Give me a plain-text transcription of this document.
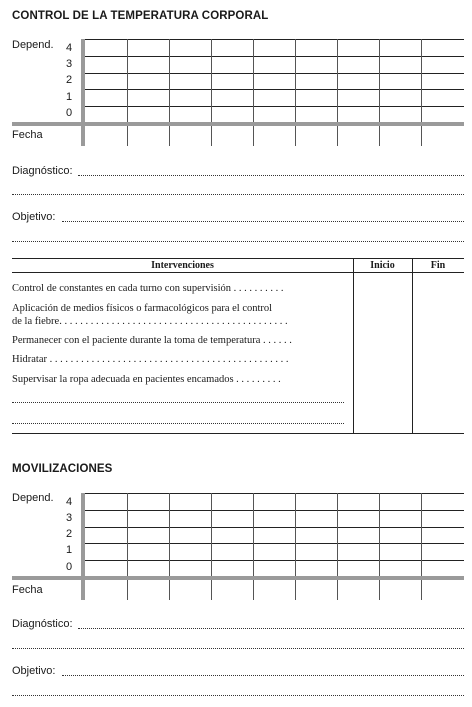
CONTROL DE LA TEMPERATURA CORPORAL
Depend. 4
3
2
1
0
Fecha
Diagnóstico:
Objetivo:
Intervenciones	Inicio	Fin
Control de constantes en cada turno con supervisión . . . . . . . . . .
Aplicación de medios físicos o farmacológicos para el control
de la fiebre. . . . . . . . . . . . . . . . . . . . . . . . . . . . . . . . . . . . . . . . . . . .
Permanecer con el paciente durante la toma de temperatura . . . . . .
Hidratar . . . . . . . . . . . . . . . . . . . . . . . . . . . . . . . . . . . . . . . . . . . . . .
Supervisar la ropa adecuada en pacientes encamados . . . . . . . . .
MOVILIZACIONES
Depend. 4
3
2
1
0
Fecha
Diagnóstico:
Objetivo:
